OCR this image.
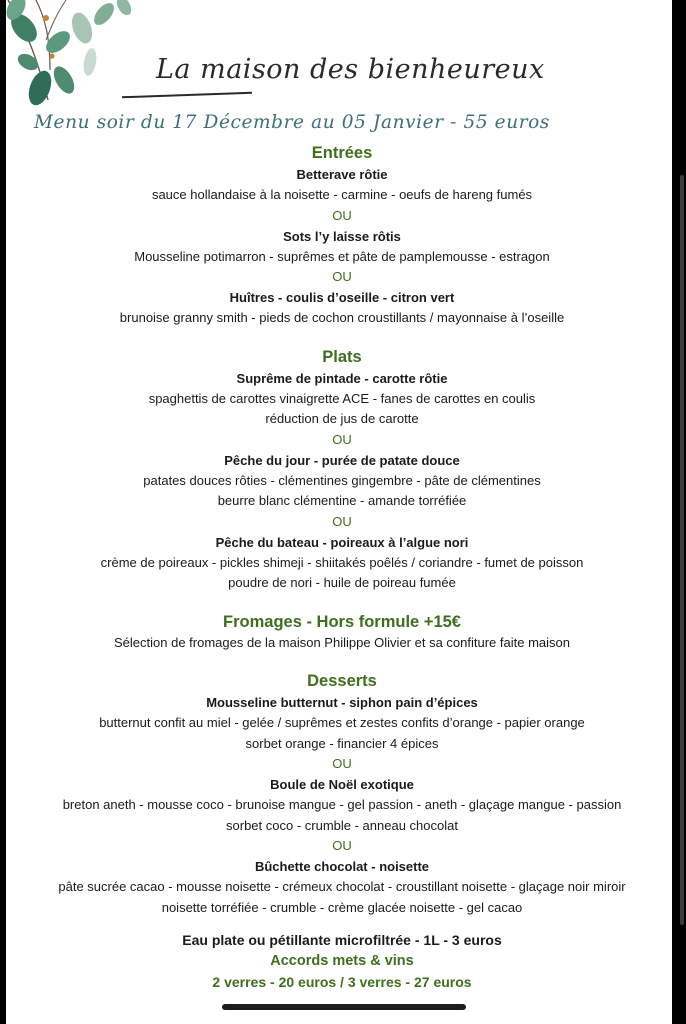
La maison des bienheureux
Menu soir du 17 Décembre au 05 Janvier - 55 euros
Entrées
Betterave rôtie
sauce hollandaise à la noisette - carmine - oeufs de hareng fumés
OU
Sots l’y laisse rôtis
Mousseline potimarron - suprêmes et pâte de pamplemousse - estragon
OU
Huîtres - coulis d’oseille - citron vert
brunoise granny smith - pieds de cochon croustillants / mayonnaise à l’oseille
Plats
Suprême de pintade - carotte rôtie
spaghettis de carottes vinaigrette ACE - fanes de carottes en coulis
réduction de jus de carotte
OU
Pêche du jour - purée de patate douce
patates douces rôties - clémentines gingembre - pâte de clémentines
beurre blanc clémentine - amande torréfiée
OU
Pêche du bateau - poireaux à l’algue nori
crème de poireaux - pickles shimeji - shiitakés poêlés / coriandre - fumet de poisson
poudre de nori - huile de poireau fumée
Fromages - Hors formule +15€
Sélection de fromages de la maison Philippe Olivier et sa confiture faite maison
Desserts
Mousseline butternut - siphon pain d’épices
butternut confit au miel - gelée / suprêmes et zestes confits d’orange - papier orange
sorbet orange - financier 4 épices
OU
Boule de Noël exotique
breton aneth - mousse coco - brunoise mangue - gel passion - aneth - glaçage mangue - passion
sorbet coco - crumble - anneau chocolat
OU
Bûchette chocolat - noisette
pâte sucrée cacao - mousse noisette - crémeux chocolat - croustillant noisette - glaçage noir miroir
noisette torréfiée - crumble - crème glacée noisette - gel cacao
Eau plate ou pétillante microfiltrée - 1L - 3 euros
Accords mets & vins
2 verres - 20 euros / 3 verres - 27 euros
